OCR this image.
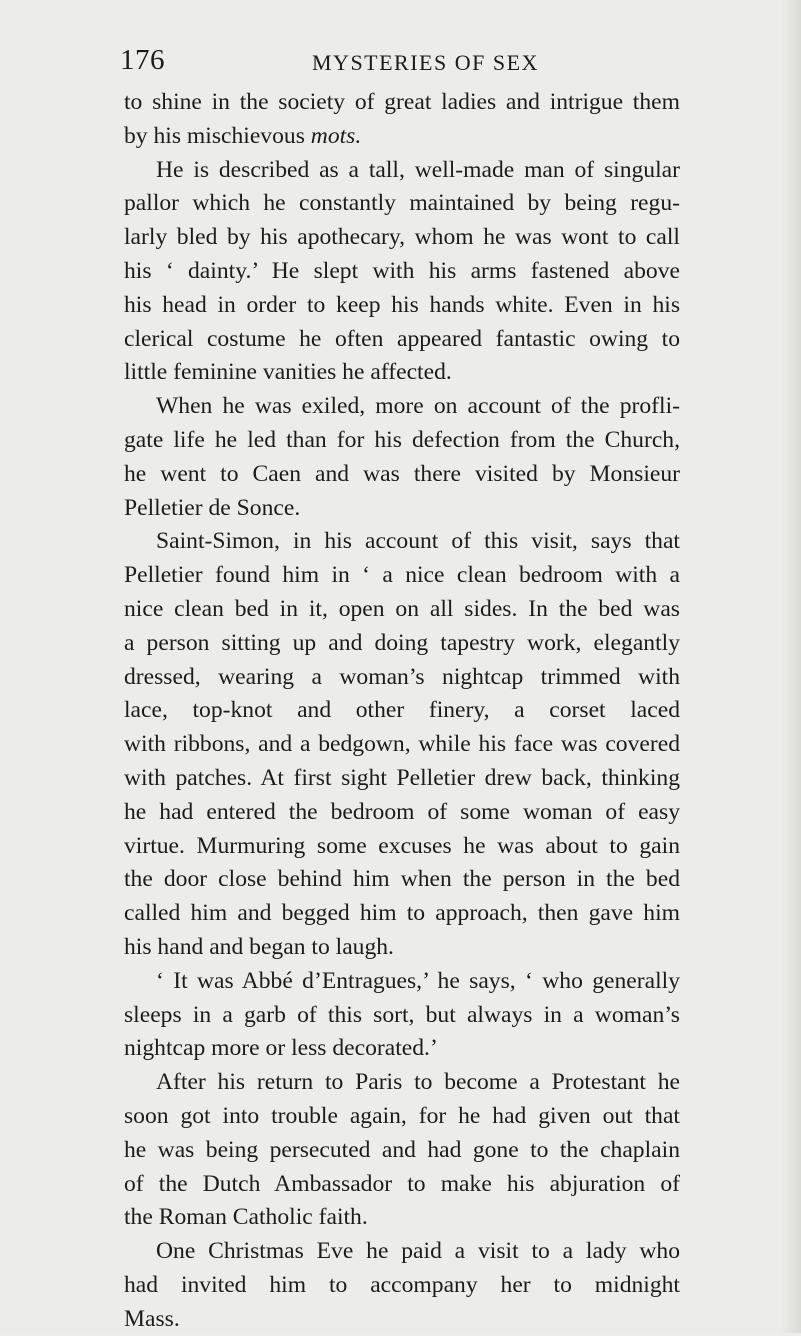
176	MYSTERIES OF SEX
to shine in the society of great ladies and intrigue them
by his mischievous mots.
He is described as a tall, well-made man of singular
pallor which he constantly maintained by being regu-
larly bled by his apothecary, whom he was wont to call
his ‘ dainty.’ He slept with his arms fastened above
his head in order to keep his hands white. Even in his
clerical costume he often appeared fantastic owing to
little feminine vanities he affected.
When he was exiled, more on account of the profli-
gate life he led than for his defection from the Church,
he went to Caen and was there visited by Monsieur
Pelletier de Sonce.
Saint-Simon, in his account of this visit, says that
Pelletier found him in ‘ a nice clean bedroom with a
nice clean bed in it, open on all sides. In the bed was
a person sitting up and doing tapestry work, elegantly
dressed, wearing a woman’s nightcap trimmed with
lace, top-knot and other finery, a corset laced
with ribbons, and a bedgown, while his face was covered
with patches. At first sight Pelletier drew back, thinking
he had entered the bedroom of some woman of easy
virtue. Murmuring some excuses he was about to gain
the door close behind him when the person in the bed
called him and begged him to approach, then gave him
his hand and began to laugh.
‘ It was Abbé d’Entragues,’ he says, ‘ who generally
sleeps in a garb of this sort, but always in a woman’s
nightcap more or less decorated.’
After his return to Paris to become a Protestant he
soon got into trouble again, for he had given out that
he was being persecuted and had gone to the chaplain
of the Dutch Ambassador to make his abjuration of
the Roman Catholic faith.
One Christmas Eve he paid a visit to a lady who
had invited him to accompany her to midnight
Mass.
